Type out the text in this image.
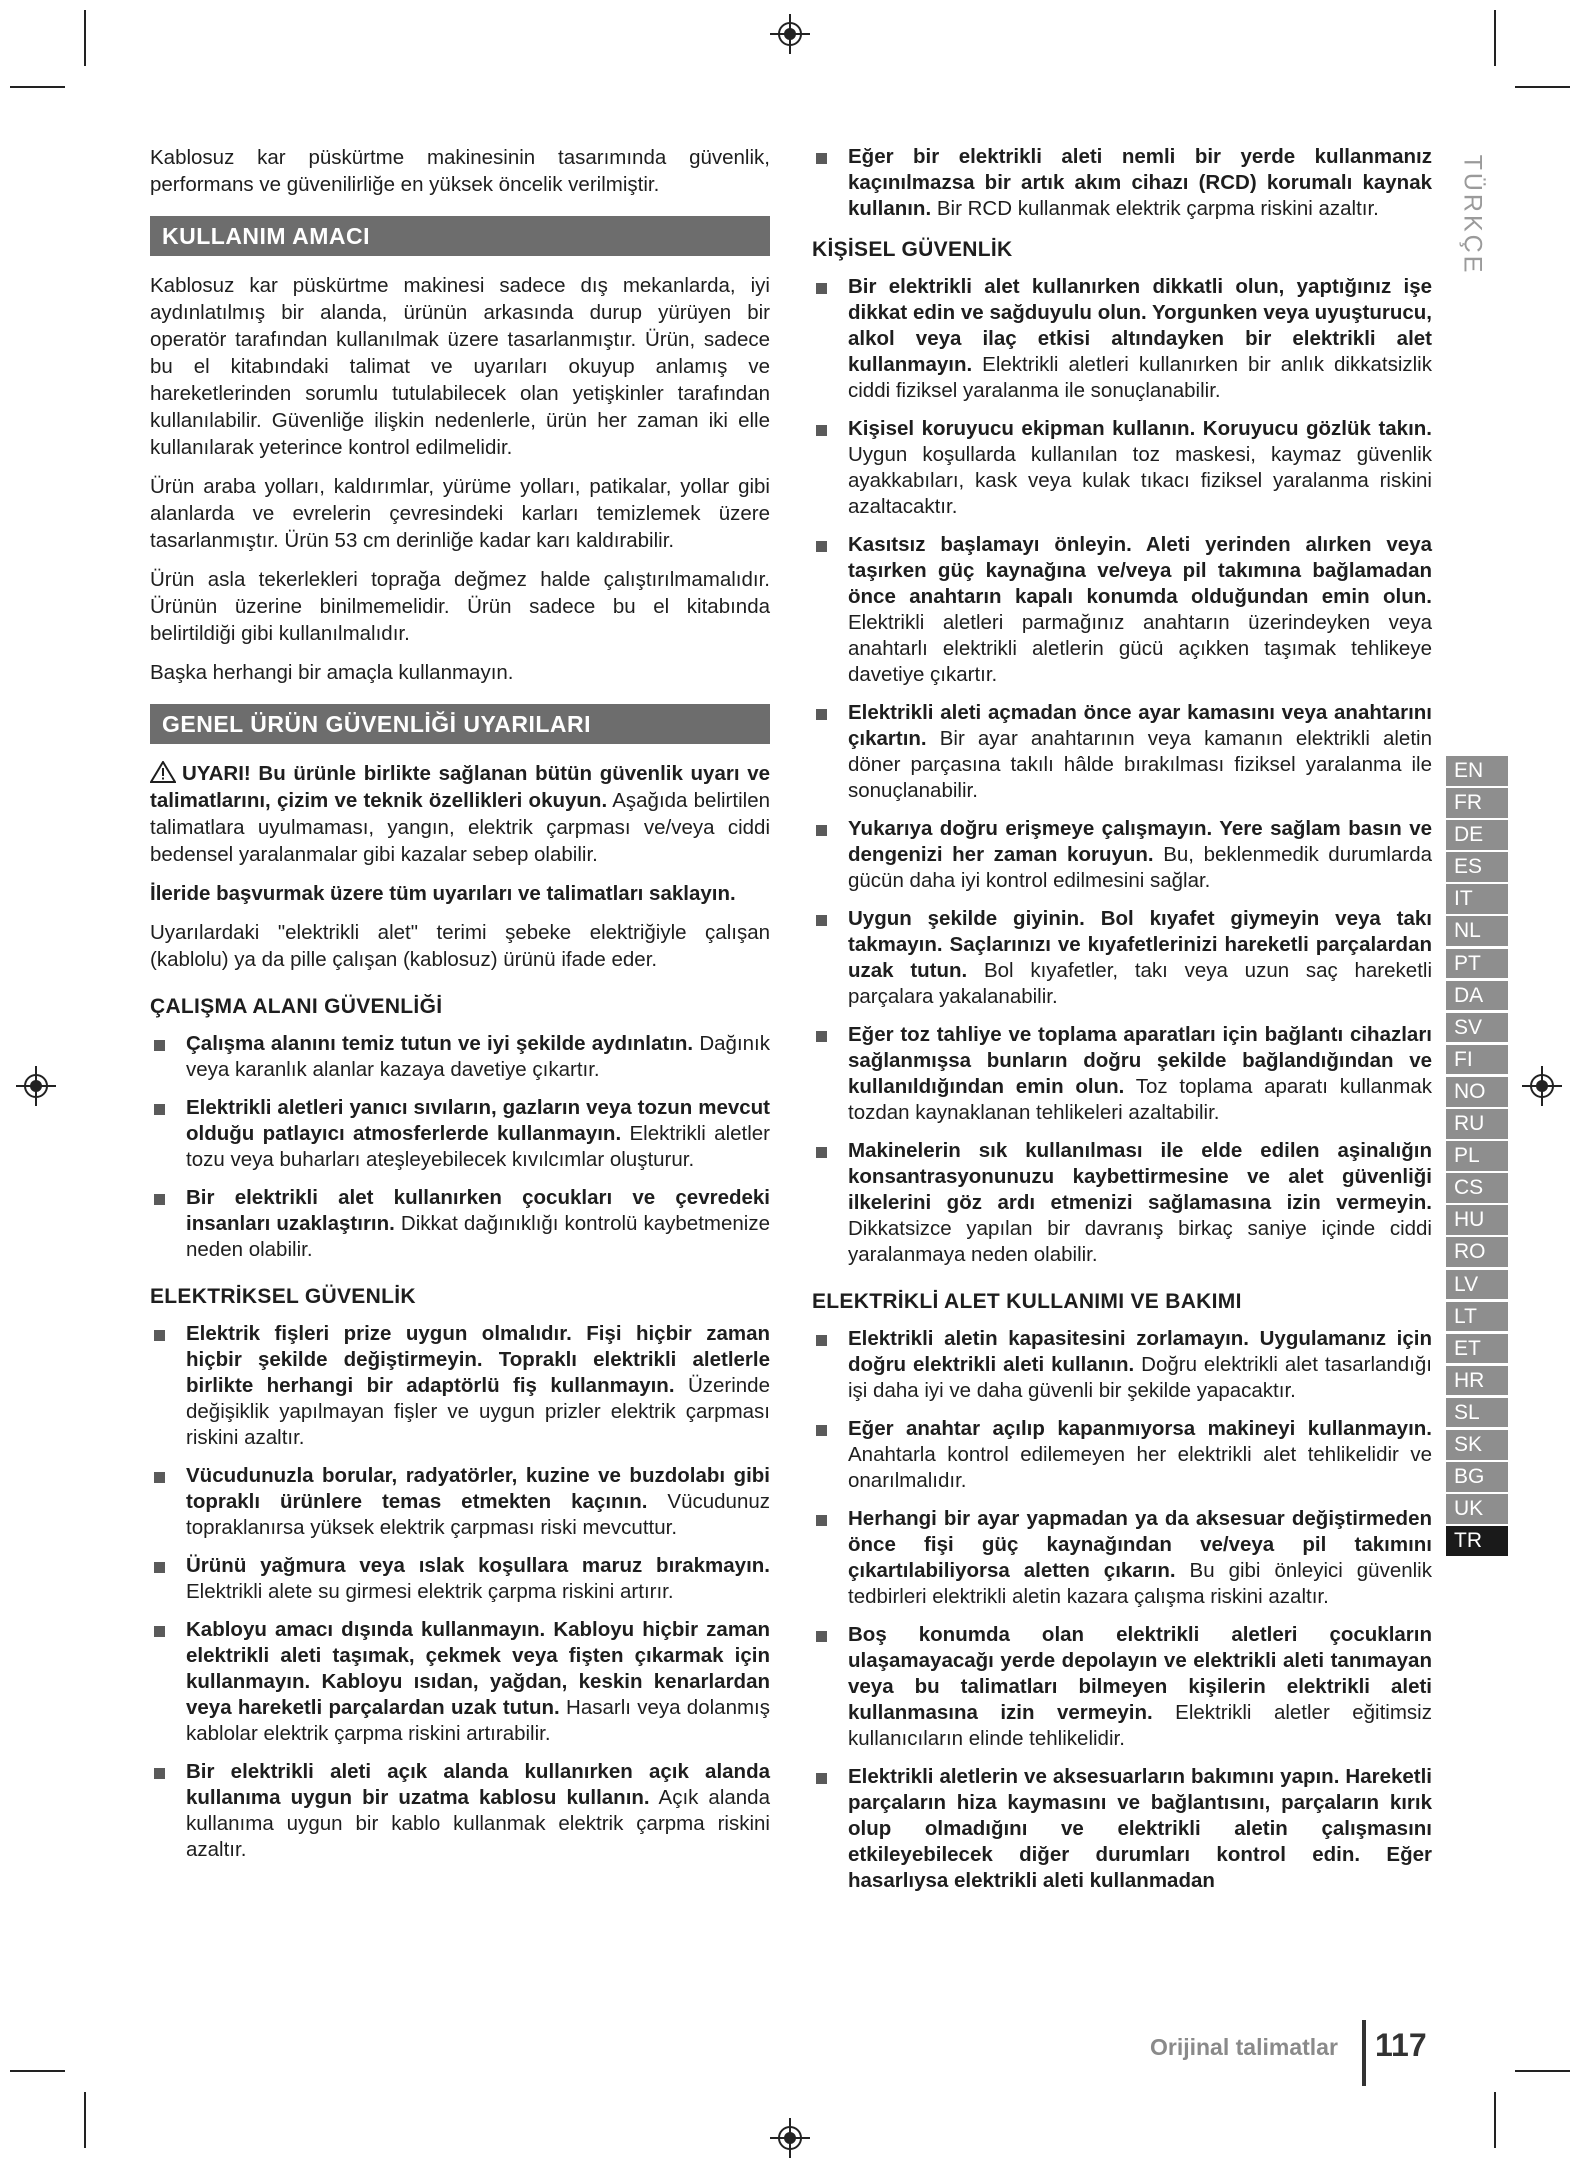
Kablosuz kar püskürtme makinesinin tasarımında güvenlik, performans ve güvenilirliğe en yüksek öncelik verilmiştir.

KULLANIM AMACI

Kablosuz kar püskürtme makinesi sadece dış mekanlarda, iyi aydınlatılmış bir alanda, ürünün arkasında durup yürüyen bir operatör tarafından kullanılmak üzere tasarlanmıştır. Ürün, sadece bu el kitabındaki talimat ve uyarıları okuyup anlamış ve hareketlerinden sorumlu tutulabilecek olan yetişkinler tarafından kullanılabilir. Güvenliğe ilişkin nedenlerle, ürün her zaman iki elle kullanılarak yeterince kontrol edilmelidir.

Ürün araba yolları, kaldırımlar, yürüme yolları, patikalar, yollar gibi alanlarda ve evrelerin çevresindeki karları temizlemek üzere tasarlanmıştır. Ürün 53 cm derinliğe kadar karı kaldırabilir.

Ürün asla tekerlekleri toprağa değmez halde çalıştırılmamalıdır. Ürünün üzerine binilmemelidir. Ürün sadece bu el kitabında belirtildiği gibi kullanılmalıdır.

Başka herhangi bir amaçla kullanmayın.

GENEL ÜRÜN GÜVENLİĞİ UYARILARI
UYARI! Bu ürünle birlikte sağlanan bütün güvenlik uyarı ve talimatlarını, çizim ve teknik özellikleri okuyun. Aşağıda belirtilen talimatlara uyulmaması, yangın, elektrik çarpması ve/veya ciddi bedensel yaralanmalar gibi kazalar sebep olabilir.

İleride başvurmak üzere tüm uyarıları ve talimatları saklayın.

Uyarılardaki "elektrikli alet" terimi şebeke elektriğiyle çalışan (kablolu) ya da pille çalışan (kablosuz) ürünü ifade eder.

ÇALIŞMA ALANI GÜVENLİĞİ
Çalışma alanını temiz tutun ve iyi şekilde aydınlatın. Dağınık veya karanlık alanlar kazaya davetiye çıkartır.
Elektrikli aletleri yanıcı sıvıların, gazların veya tozun mevcut olduğu patlayıcı atmosferlerde kullanmayın. Elektrikli aletler tozu veya buharları ateşleyebilecek kıvılcımlar oluşturur.
Bir elektrikli alet kullanırken çocukları ve çevredeki insanları uzaklaştırın. Dikkat dağınıklığı kontrolü kaybetmenize neden olabilir.
ELEKTRİKSEL GÜVENLİK
Elektrik fişleri prize uygun olmalıdır. Fişi hiçbir zaman hiçbir şekilde değiştirmeyin. Topraklı elektrikli aletlerle birlikte herhangi bir adaptörlü fiş kullanmayın. Üzerinde değişiklik yapılmayan fişler ve uygun prizler elektrik çarpması riskini azaltır.
Vücudunuzla borular, radyatörler, kuzine ve buzdolabı gibi topraklı ürünlere temas etmekten kaçının. Vücudunuz topraklanırsa yüksek elektrik çarpması riski mevcuttur.
Ürünü yağmura veya ıslak koşullara maruz bırakmayın. Elektrikli alete su girmesi elektrik çarpma riskini artırır.
Kabloyu amacı dışında kullanmayın. Kabloyu hiçbir zaman elektrikli aleti taşımak, çekmek veya fişten çıkarmak için kullanmayın. Kabloyu ısıdan, yağdan, keskin kenarlardan veya hareketli parçalardan uzak tutun. Hasarlı veya dolanmış kablolar elektrik çarpma riskini artırabilir.
Bir elektrikli aleti açık alanda kullanırken açık alanda kullanıma uygun bir uzatma kablosu kullanın. Açık alanda kullanıma uygun bir kablo kullanmak elektrik çarpma riskini azaltır.
Eğer bir elektrikli aleti nemli bir yerde kullanmanız kaçınılmazsa bir artık akım cihazı (RCD) korumalı kaynak kullanın. Bir RCD kullanmak elektrik çarpma riskini azaltır.
KİŞİSEL GÜVENLİK
Bir elektrikli alet kullanırken dikkatli olun, yaptığınız işe dikkat edin ve sağduyulu olun. Yorgunken veya uyuşturucu, alkol veya ilaç etkisi altındayken bir elektrikli alet kullanmayın. Elektrikli aletleri kullanırken bir anlık dikkatsizlik ciddi fiziksel yaralanma ile sonuçlanabilir.
Kişisel koruyucu ekipman kullanın. Koruyucu gözlük takın. Uygun koşullarda kullanılan toz maskesi, kaymaz güvenlik ayakkabıları, kask veya kulak tıkacı fiziksel yaralanma riskini azaltacaktır.
Kasıtsız başlamayı önleyin. Aleti yerinden alırken veya taşırken güç kaynağına ve/veya pil takımına bağlamadan önce anahtarın kapalı konumda olduğundan emin olun. Elektrikli aletleri parmağınız anahtarın üzerindeyken veya anahtarlı elektrikli aletlerin gücü açıkken taşımak tehlikeye davetiye çıkartır.
Elektrikli aleti açmadan önce ayar kamasını veya anahtarını çıkartın. Bir ayar anahtarının veya kamanın elektrikli aletin döner parçasına takılı hâlde bırakılması fiziksel yaralanma ile sonuçlanabilir.
Yukarıya doğru erişmeye çalışmayın. Yere sağlam basın ve dengenizi her zaman koruyun. Bu, beklenmedik durumlarda gücün daha iyi kontrol edilmesini sağlar.
Uygun şekilde giyinin. Bol kıyafet giymeyin veya takı takmayın. Saçlarınızı ve kıyafetlerinizi hareketli parçalardan uzak tutun. Bol kıyafetler, takı veya uzun saç hareketli parçalara yakalanabilir.
Eğer toz tahliye ve toplama aparatları için bağlantı cihazları sağlanmışsa bunların doğru şekilde bağlandığından ve kullanıldığından emin olun. Toz toplama aparatı kullanmak tozdan kaynaklanan tehlikeleri azaltabilir.
Makinelerin sık kullanılması ile elde edilen aşinalığın konsantrasyonunuzu kaybettirmesine ve alet güvenliği ilkelerini göz ardı etmenizi sağlamasına izin vermeyin. Dikkatsizce yapılan bir davranış birkaç saniye içinde ciddi yaralanmaya neden olabilir.
ELEKTRİKLİ ALET KULLANIMI VE BAKIMI
Elektrikli aletin kapasitesini zorlamayın. Uygulamanız için doğru elektrikli aleti kullanın. Doğru elektrikli alet tasarlandığı işi daha iyi ve daha güvenli bir şekilde yapacaktır.
Eğer anahtar açılıp kapanmıyorsa makineyi kullanmayın. Anahtarla kontrol edilemeyen her elektrikli alet tehlikelidir ve onarılmalıdır.
Herhangi bir ayar yapmadan ya da aksesuar değiştirmeden önce fişi güç kaynağından ve/veya pil takımını çıkartılabiliyorsa aletten çıkarın. Bu gibi önleyici güvenlik tedbirleri elektrikli aletin kazara çalışma riskini azaltır.
Boş konumda olan elektrikli aletleri çocukların ulaşamayacağı yerde depolayın ve elektrikli aleti tanımayan veya bu talimatları bilmeyen kişilerin elektrikli aleti kullanmasına izin vermeyin. Elektrikli aletler eğitimsiz kullanıcıların elinde tehlikelidir.
Elektrikli aletlerin ve aksesuarların bakımını yapın. Hareketli parçaların hiza kaymasını ve bağlantısını, parçaların kırık olup olmadığını ve elektrikli aletin çalışmasını etkileyebilecek diğer durumları kontrol edin. Eğer hasarlıysa elektrikli aleti kullanmadan
TÜRKÇE
EN
FR
DE
ES
IT
NL
PT
DA
SV
FI
NO
RU
PL
CS
HU
RO
LV
LT
ET
HR
SL
SK
BG
UK
TR
Orijinal talimatlar 117
